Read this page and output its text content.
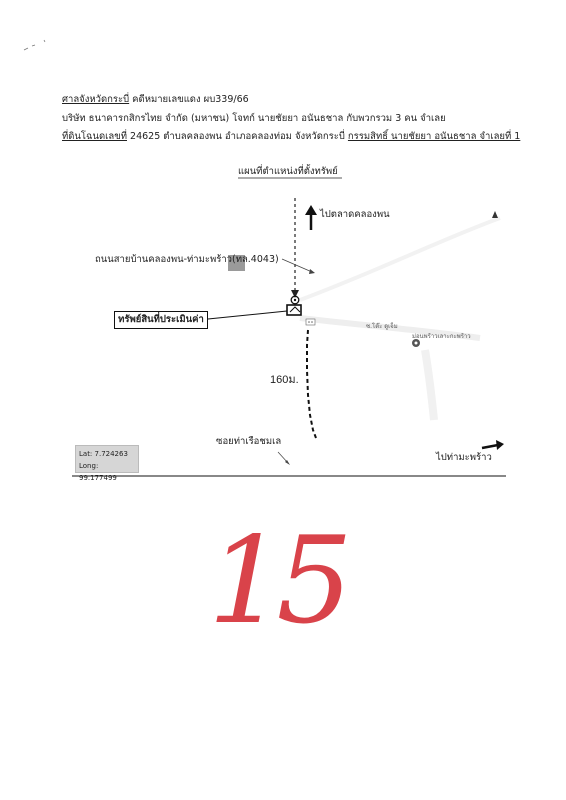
ศาลจังหวัดกระบี่ คดีหมายเลขแดง ผบ339/66
บริษัท ธนาคารกสิกรไทย จำกัด (มหาชน) โจทก์ นายชัยยา อนันธชาล กับพวกรวม 3 คน จำเลย
ที่ดินโฉนดเลขที่ 24625 ตำบลคลองพน อำเภอคลองท่อม จังหวัดกระบี่ กรรมสิทธิ์ นายชัยยา อนันธชาล จำเลยที่ 1
แผนที่ตำแหน่งที่ตั้งทรัพย์
ไปตลาดคลองพน
ถนนสายบ้านคลองพน-ท่ามะพร้าว(ทล.4043)
ทรัพย์สินที่ประเมินค่า
ซ.โต๊ะ ดูเจ็ม
ม่อนพร้าวเลาะกะพร้าว
160ม.
ซอยท่าเรือชมเล
ไปท่ามะพร้าว
Lat: 7.724263
Long: 99.177499
15
